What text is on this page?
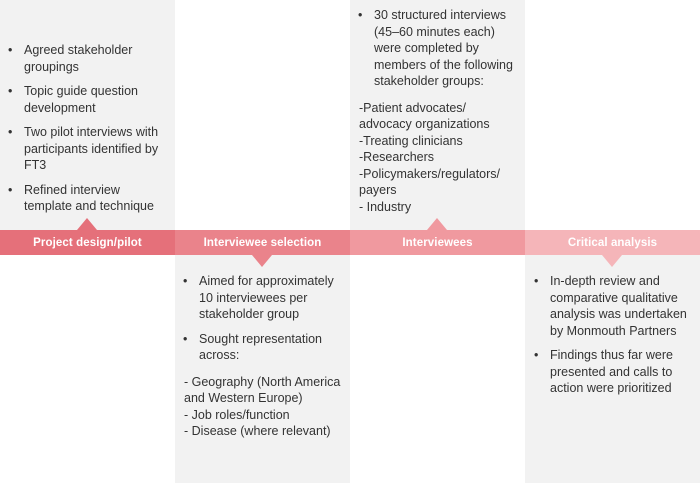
Project design/pilot	Interviewee selection	Interviewees	Critical analysis
• Agreed stakeholder groupings
• Topic guide question development
• Two pilot interviews with participants identified by FT3
• Refined interview template and technique
• Aimed for approximately 10 interviewees per stakeholder group
• Sought representation across:
- Geography (North America and Western Europe)
- Job roles/function
- Disease (where relevant)
• 30 structured interviews (45–60 minutes each) were completed by members of the following stakeholder groups:
-Patient advocates/ advocacy organizations
-Treating clinicians
-Researchers
-Policymakers/regulators/ payers
- Industry
• In-depth review and comparative qualitative analysis was undertaken by Monmouth Partners
• Findings thus far were presented and calls to action were prioritized
